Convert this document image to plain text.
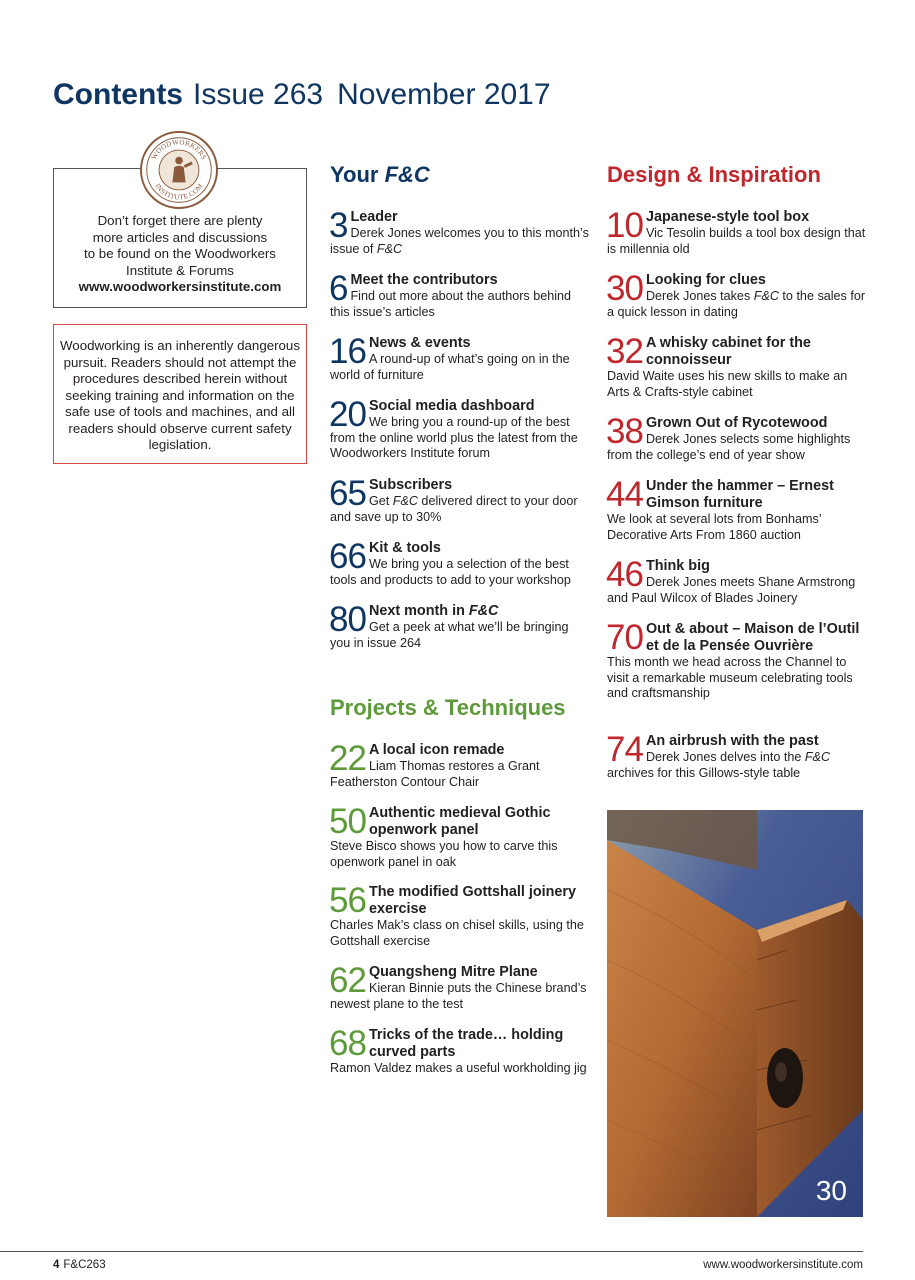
Contents Issue 263 November 2017
Don’t forget there are plenty
more articles and discussions
to be found on the Woodworkers
Institute & Forums
www.woodworkersinstitute.com
WOODWORKERS
INSTITUTE.COM
Woodworking is an inherently dangerous pursuit. Readers should not attempt the procedures described herein without seeking training and information on the safe use of tools and machines, and all readers should observe current safety legislation.
Your F&C
3 Leader
Derek Jones welcomes you to this month’s issue of F&C
6 Meet the contributors
Find out more about the authors behind this issue’s articles
16 News & events
A round-up of what’s going on in the world of furniture
20 Social media dashboard
We bring you a round-up of the best from the online world plus the latest from the Woodworkers Institute forum
65 Subscribers
Get F&C delivered direct to your door and save up to 30%
66 Kit & tools
We bring you a selection of the best tools and products to add to your workshop
80 Next month in F&C
Get a peek at what we’ll be bringing you in issue 264
Projects & Techniques
22 A local icon remade
Liam Thomas restores a Grant Featherston Contour Chair
50 Authentic medieval Gothic openwork panel
Steve Bisco shows you how to carve this openwork panel in oak
56 The modified Gottshall joinery exercise
Charles Mak’s class on chisel skills, using the Gottshall exercise
62 Quangsheng Mitre Plane
Kieran Binnie puts the Chinese brand’s newest plane to the test
68 Tricks of the trade… holding curved parts
Ramon Valdez makes a useful workholding jig
Design & Inspiration
10 Japanese-style tool box
Vic Tesolin builds a tool box design that is millennia old
30 Looking for clues
Derek Jones takes F&C to the sales for a quick lesson in dating
32 A whisky cabinet for the connoisseur
David Waite uses his new skills to make an Arts & Crafts-style cabinet
38 Grown Out of Rycotewood
Derek Jones selects some highlights from the college’s end of year show
44 Under the hammer – Ernest Gimson furniture
We look at several lots from Bonhams’ Decorative Arts From 1860 auction
46 Think big
Derek Jones meets Shane Armstrong and Paul Wilcox of Blades Joinery
70 Out & about – Maison de l’Outil et de la Pensée Ouvrière
This month we head across the Channel to visit a remarkable museum celebrating tools and craftsmanship
74 An airbrush with the past
Derek Jones delves into the F&C archives for this Gillows-style table
30
4 F&C263	www.woodworkersinstitute.com
